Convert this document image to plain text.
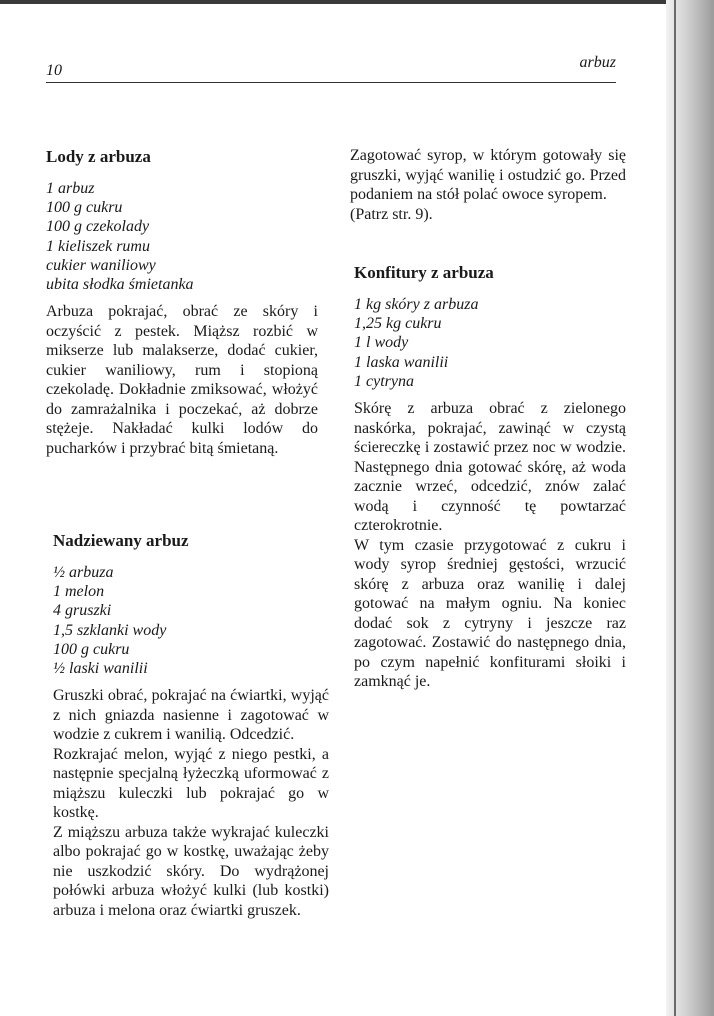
10	arbuz
Lody z arbuza
1 arbuz
100 g cukru
100 g czekolady
1 kieliszek rumu
cukier waniliowy
ubita słodka śmietanka

Arbuza pokrajać, obrać ze skóry i oczyścić z pestek. Miąższ rozbić w mikserze lub malakserze, dodać cukier, cukier waniliowy, rum i stopioną czekoladę. Dokładnie zmiksować, włożyć do zamrażalnika i poczekać, aż dobrze stężeje. Nakładać kulki lodów do pucharków i przybrać bitą śmietaną.

Nadziewany arbuz
½ arbuza
1 melon
4 gruszki
1,5 szklanki wody
100 g cukru
½ laski wanilii

Gruszki obrać, pokrajać na ćwiartki, wyjąć z nich gniazda nasienne i zagotować w wodzie z cukrem i wanilią. Odcedzić.

Rozkrajać melon, wyjąć z niego pestki, a następnie specjalną łyżeczką uformować z miąższu kuleczki lub pokrajać go w kostkę.

Z miąższu arbuza także wykrajać kuleczki albo pokrajać go w kostkę, uważając żeby nie uszkodzić skóry. Do wydrążonej połówki arbuza włożyć kulki (lub kostki) arbuza i melona oraz ćwiartki gruszek.

Zagotować syrop, w którym gotowały się gruszki, wyjąć wanilię i ostudzić go. Przed podaniem na stół polać owoce syropem.

(Patrz str. 9).

Konfitury z arbuza
1 kg skóry z arbuza
1,25 kg cukru
1 l wody
1 laska wanilii
1 cytryna

Skórę z arbuza obrać z zielonego naskórka, pokrajać, zawinąć w czystą ściereczkę i zostawić przez noc w wodzie. Następnego dnia gotować skórę, aż woda zacznie wrzeć, odcedzić, znów zalać wodą i czynność tę powtarzać czterokrotnie.

W tym czasie przygotować z cukru i wody syrop średniej gęstości, wrzucić skórę z arbuza oraz wanilię i dalej gotować na małym ogniu. Na koniec dodać sok z cytryny i jeszcze raz zagotować. Zostawić do następnego dnia, po czym napełnić konfiturami słoiki i zamknąć je.
